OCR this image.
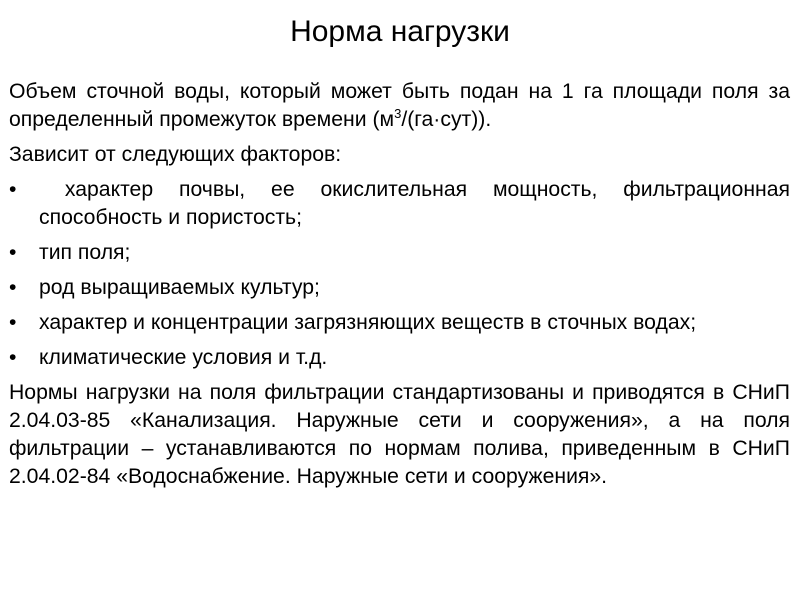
Норма нагрузки

Объем сточной воды, который может быть подан на 1 га площади поля за определенный промежуток времени $(м^3/(га\cdot сут))$.

Зависит от следующих факторов:

•	характер почвы, ее окислительная мощность, фильтрационная способность и пористость;
•	тип поля;
•	род выращиваемых культур;
•	характер и концентрации загрязняющих веществ в сточных водах;
•	климатические условия и т.д.

Нормы нагрузки на поля фильтрации стандартизованы и приводятся в СНиП 2.04.03-85 «Канализация. Наружные сети и сооружения», а на поля фильтрации – устанавливаются по нормам полива, приведенным в СНиП 2.04.02-84 «Водоснабжение. Наружные сети и сооружения».
